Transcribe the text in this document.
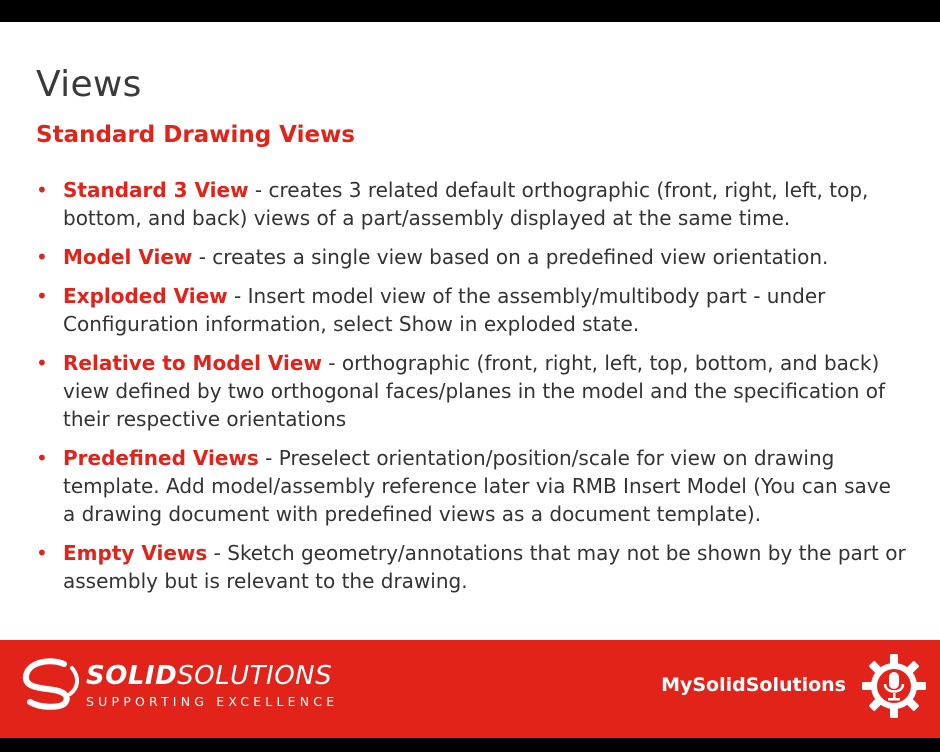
Views
Standard Drawing Views
• Standard 3 View - creates 3 related default orthographic (front, right, left, top, bottom, and back) views of a part/assembly displayed at the same time.
• Model View - creates a single view based on a predefined view orientation.
• Exploded View - Insert model view of the assembly/multibody part - under Configuration information, select Show in exploded state.
• Relative to Model View - orthographic (front, right, left, top, bottom, and back) view defined by two orthogonal faces/planes in the model and the specification of their respective orientations
• Predefined Views - Preselect orientation/position/scale for view on drawing template. Add model/assembly reference later via RMB Insert Model (You can save a drawing document with predefined views as a document template).
• Empty Views - Sketch geometry/annotations that may not be shown by the part or assembly but is relevant to the drawing.
SOLIDSOLUTIONS
SUPPORTING EXCELLENCE
MySolidSolutions
